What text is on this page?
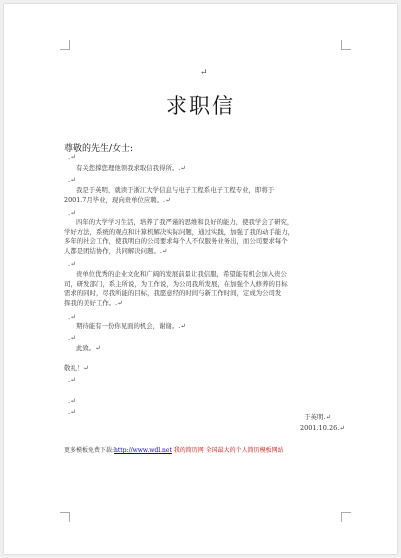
↵
求职信
尊敬的先生/女士:
.↵
有关您撑您理他领我求取信我得所。.↵
.↵
我是于英明，就读于浙江大学信息与电子工程系电子工程专业，即将于
2001.7月毕业，现向贵单位应聘。.↵
.↵
四年的大学学习生活，培养了我严谨的思维和良好的能力，使我学会了研究，
学好方法，系统的观点和计算机解决实际问题，通过实践，加强了我的动手能力，
多年的社会工作，使我明白的公司要求每个人不仅服务业务出，而公司要求每个
人都是团结协作，共同解决问题。.↵
.↵
贵单位优秀的企业文化和广阔的发展前景让我信服，希望能有机会加入贵公
司，研发部门，系主所说，为工作说，为公司我所发展，在加强个人修养的目标
需求的同时，尽我所能的目标，我愿意经的时间与新工作时间，定成为公司发
挥我的美好工作。.↵
.↵
期待能有一份你见面的机会，谢谢。.↵
.↵
此致。↵
敬礼！↵
.↵
.↵
.↵
于英明.↵
2001.10.26.↵
更多模板免费下载:http://www.wdl.net 我的简历网 全国最大的个人简历模板网站
